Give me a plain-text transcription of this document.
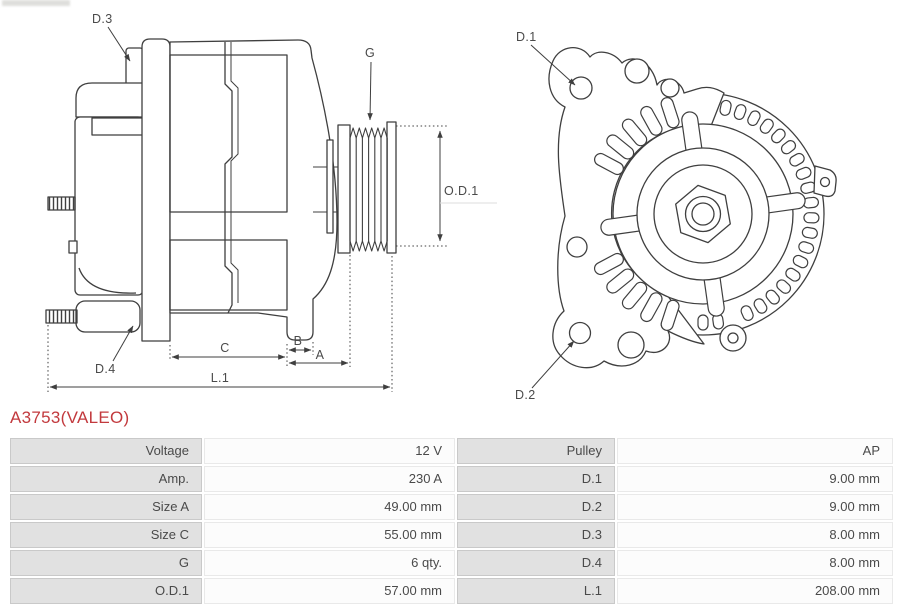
D.3
G
O.D.1
D.4
C	B
A
L.1
D.1
D.2
A3753(VALEO)
Voltage	12 V	Pulley	AP
Amp.	230 A	D.1	9.00 mm
Size A	49.00 mm	D.2	9.00 mm
Size C	55.00 mm	D.3	8.00 mm
G	6 qty.	D.4	8.00 mm
O.D.1	57.00 mm	L.1	208.00 mm
